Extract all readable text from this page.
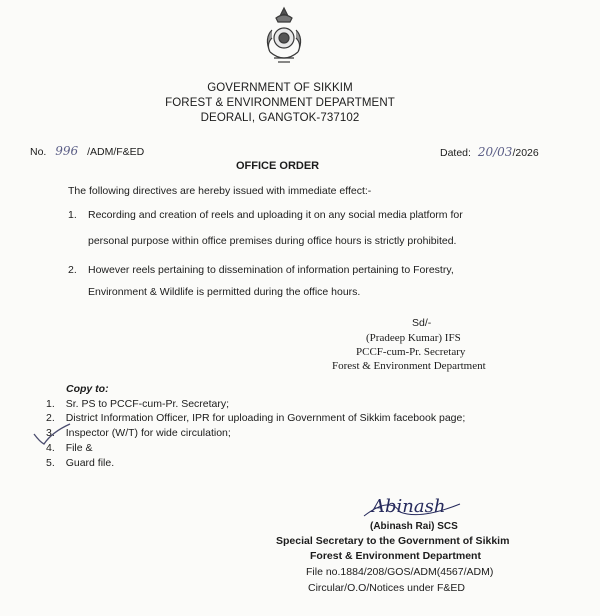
GOVERNMENT OF SIKKIM
FOREST & ENVIRONMENT DEPARTMENT
DEORALI, GANGTOK-737102
No. 996 /ADM/F&ED	Dated: 20/03/2026
OFFICE ORDER
The following directives are hereby issued with immediate effect:-
1. Recording and creation of reels and uploading it on any social media platform for
personal purpose within office premises during office hours is strictly prohibited.
2. However reels pertaining to dissemination of information pertaining to Forestry,
Environment & Wildlife is permitted during the office hours.
Sd/-
(Pradeep Kumar) IFS
PCCF-cum-Pr. Secretary
Forest & Environment Department
Copy to:
1. Sr. PS to PCCF-cum-Pr. Secretary;
2. District Information Officer, IPR for uploading in Government of Sikkim facebook page;
3. Inspector (W/T) for wide circulation;
4. File &
5. Guard file.
Abinash
(Abinash Rai) SCS
Special Secretary to the Government of Sikkim
Forest & Environment Department
File no.1884/208/GOS/ADM(4567/ADM)
Circular/O.O/Notices under F&ED
